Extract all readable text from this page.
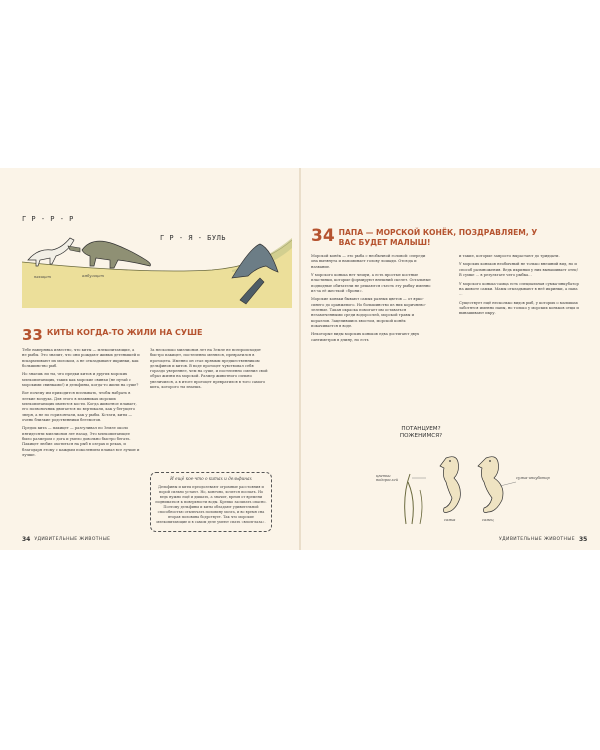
Г Р - Р - Р
Г Р - Я - БУЛЬ
пакицет	амбулоцет
33 КИТЫ КОГДА-ТО ЖИЛИ НА СУШЕ

Тебе наверняка известно, что киты — млекопитающие, а не рыбы. Это значит, что они рождают живых детенышей и вскармливают их молоком, а не откладывают икринки, как большинство рыб.

Но знаешь ли ты, что предки китов и других морских млекопитающих, таких как морские свиньи (не путай с морскими свинками!) и дельфины, когда-то жили на суше?

Вот почему им приходится всплывать, чтобы набрать в легкие воздуха. Для этого в плавниках морских млекопитающих имеются кости. Когда животное плавает, его позвоночник двигается по вертикали, как у бегущего зверя, а не по горизонтали, как у рыбы. Кстати, киты — очень близкие родственники бегемотов.

Предок кита — пакицет — разгуливал по Земле около пятидесяти миллионов лет назад. Это млекопитающее было размером с дога и умело довольно быстро бегать. Пакицет любил охотиться на рыб в озерах и реках, и благодаря этому с каждым поколением плавал все лучше и лучше.

За несколько миллионов лет на Земле не всепроисходит быстро пакицет, постепенно менялся, превратился в протоцета. Именно он стал прямым предшественником дельфинов и китов. В воде протоцет чувствовал себя гораздо увереннее, чем на суше, и постепенно сменил свой образ жизни на морской. Размер животного сильно увеличился, а в итоге протоцет превратился в того самого кита, которого ты знаешь.

И ещё кое-что о китах и дельфинах
Дельфины и киты преодолевают огромные расстояния и порой сильно устают. Но, конечно, хочется поспать. Но ведь нужно ещё и дышать, а значит, время от времени подниматься к поверхности воды. Крепко засыпать опасно. Поэтому дельфины и киты обладают удивительной способностью отключать половину мозга, и во время сна вторая половина бодрствует. Так что морские млекопитающие и в самом деле умеют спать «вполглаза».
34 УДИВИТЕЛЬНЫЕ ЖИВОТНЫЕ
34 ПАПА — МОРСКОЙ КОНЁК, ПОЗДРАВЛЯЕМ, У ВАС БУДЕТ МАЛЫШ!

Морской конёк — это рыба с необычной головой: спереди она вытянута и напоминает голову лошади. Отсюда и название.

У морского конька нет чешуи, а есть простые костные пластинки, которые формируют внешний скелет. Остальные подводные обитатели не решаются съесть эту рыбку именно из-за её жесткой «брони».

Морские коньки бывают самых разных цветов — от ярко-синего до оранжевого. Но большинство из них коричнево-зеленые. Такая окраска помогает им оставаться незамеченными среди водорослей, морской травы и кораллов. Зацепившись хвостом, морской конёк покачивается в воде.

Некоторые виды морских коньков едва достигают двух сантиметров в длину, но есть

и такие, которые запросто вырастают до тридцати.

У морских коньков необычный не только внешний вид, но и способ размножения. Ведь икринки у них вынашивает отец! В сумке ... в результате чего рыбка...

У морского конька-самца есть специальная сумка-инкубатор на животе самки. Мамы откладывают в неё икринки, а папа ...

Существует ещё несколько видов рыб, у которых о малышах заботятся именно папы, но только у морских коньков отцы и вынашивают икру.

ПОТАНЦУЕМ? ПОЖЕНИМСЯ?
цветки водорослей	сумка-инкубатор
самка	самец
УДИВИТЕЛЬНЫЕ ЖИВОТНЫЕ 35
